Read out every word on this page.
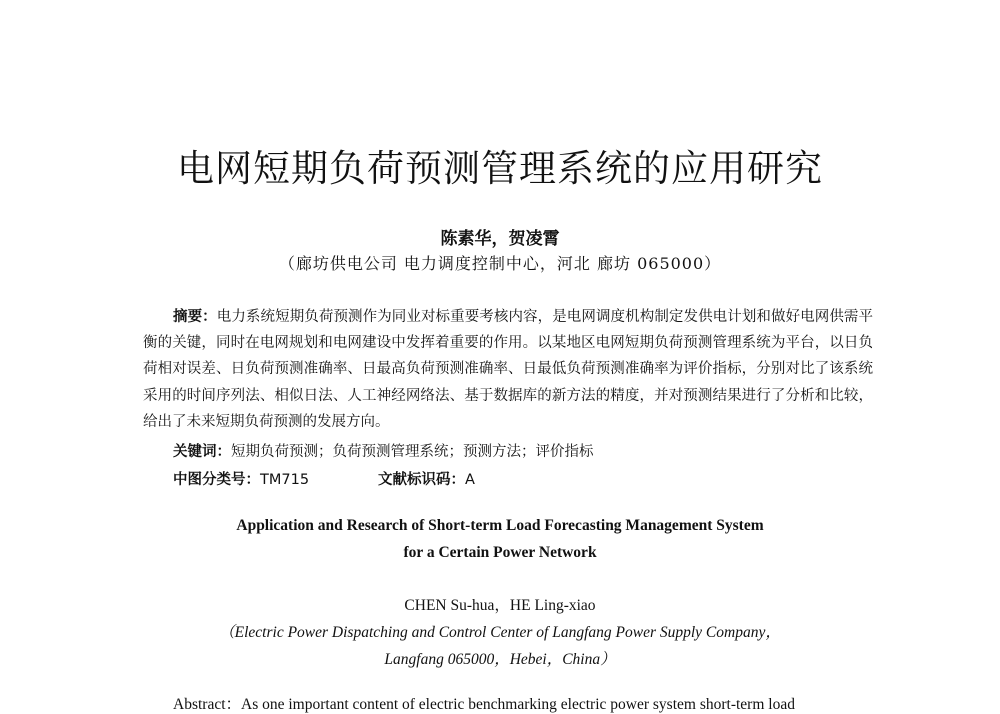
电网短期负荷预测管理系统的应用研究
陈素华，贺凌霄
（廊坊供电公司 电力调度控制中心，河北 廊坊 065000）

摘要：电力系统短期负荷预测作为同业对标重要考核内容，是电网调度机构制定发供电计划和做好电网供需平衡的关键，同时在电网规划和电网建设中发挥着重要的作用。以某地区电网短期负荷预测管理系统为平台，以日负荷相对误差、日负荷预测准确率、日最高负荷预测准确率、日最低负荷预测准确率为评价指标，分别对比了该系统采用的时间序列法、相似日法、人工神经网络法、基于数据库的新方法的精度，并对预测结果进行了分析和比较，给出了未来短期负荷预测的发展方向。

关键词：短期负荷预测；负荷预测管理系统；预测方法；评价指标
中图分类号：TM715	文献标识码：A
Application and Research of Short-term Load Forecasting Management System
for a Certain Power Network
CHEN Su-hua，HE Ling-xiao
（Electric Power Dispatching and Control Center of Langfang Power Supply Company，
Langfang 065000，Hebei，China）
Abstract：As one important content of electric benchmarking electric power system short-term load
